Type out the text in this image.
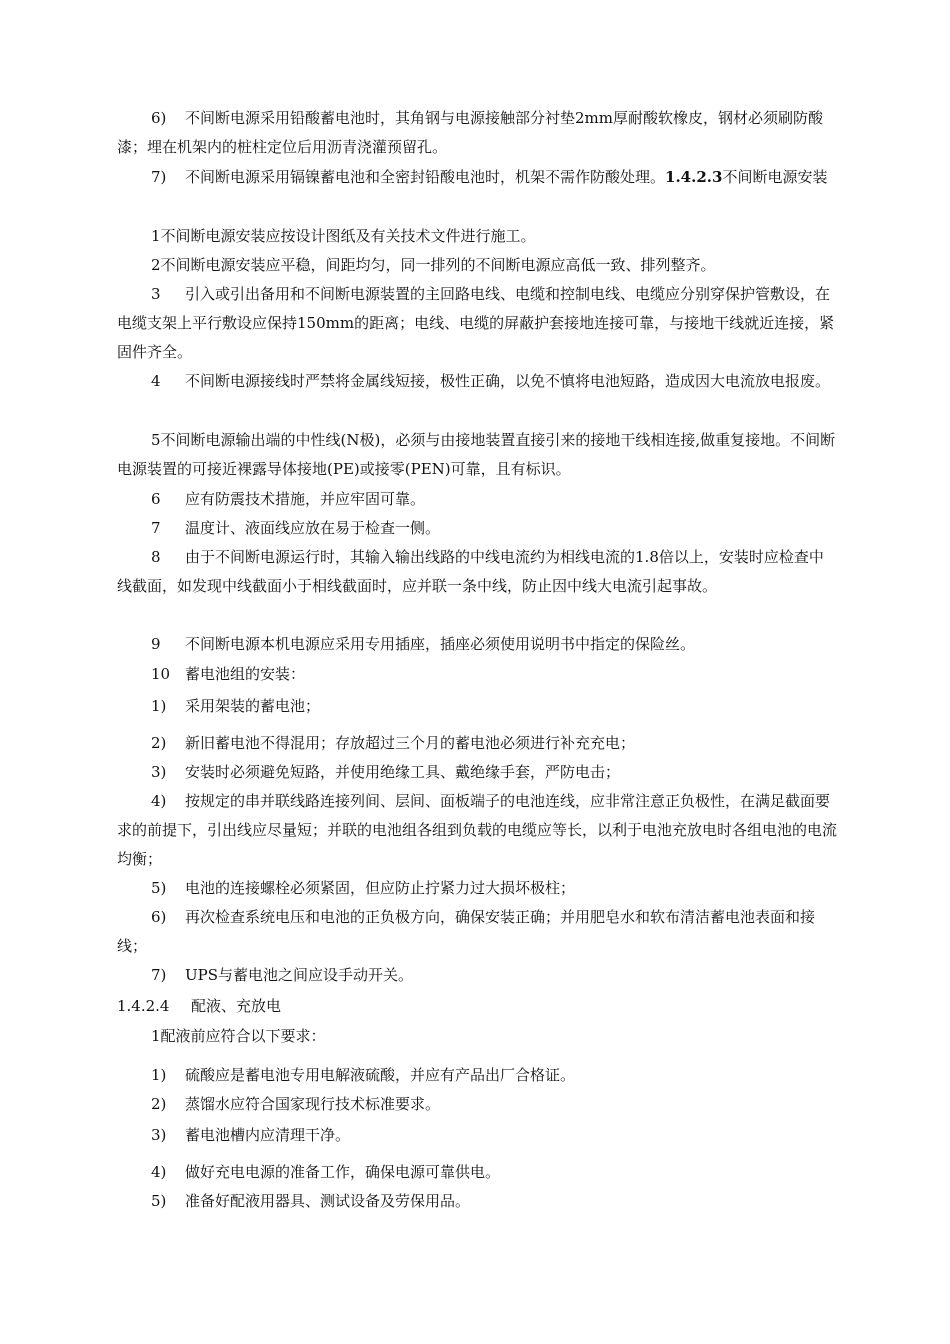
6) 不间断电源采用铅酸蓄电池时，其角钢与电源接触部分衬垫2mm厚耐酸软橡皮，钢材必须刷防酸漆；埋在机架内的桩柱定位后用沥青浇灌预留孔。

7) 不间断电源采用镉镍蓄电池和全密封铅酸电池时，机架不需作防酸处理。1.4.2.3不间断电源安装

1不间断电源安装应按设计图纸及有关技术文件进行施工。

2不间断电源安装应平稳，间距均匀，同一排列的不间断电源应高低一致、排列整齐。

3 引入或引出备用和不间断电源装置的主回路电线、电缆和控制电线、电缆应分别穿保护管敷设，在电缆支架上平行敷设应保持150mm的距离；电线、电缆的屏蔽护套接地连接可靠，与接地干线就近连接，紧固件齐全。

4 不间断电源接线时严禁将金属线短接，极性正确，以免不慎将电池短路，造成因大电流放电报废。

5不间断电源输出端的中性线(N极)，必须与由接地装置直接引来的接地干线相连接,做重复接地。不间断电源装置的可接近裸露导体接地(PE)或接零(PEN)可靠，且有标识。

6 应有防震技术措施，并应牢固可靠。

7 温度计、液面线应放在易于检查一侧。

8 由于不间断电源运行时，其输入输出线路的中线电流约为相线电流的1.8倍以上，安装时应检查中线截面，如发现中线截面小于相线截面时，应并联一条中线，防止因中线大电流引起事故。

9 不间断电源本机电源应采用专用插座，插座必须使用说明书中指定的保险丝。

10 蓄电池组的安装：

1) 采用架装的蓄电池；

2) 新旧蓄电池不得混用；存放超过三个月的蓄电池必须进行补充充电；

3) 安装时必须避免短路，并使用绝缘工具、戴绝缘手套，严防电击；

4) 按规定的串并联线路连接列间、层间、面板端子的电池连线，应非常注意正负极性，在满足截面要求的前提下，引出线应尽量短；并联的电池组各组到负载的电缆应等长，以利于电池充放电时各组电池的电流均衡；

5) 电池的连接螺栓必须紧固，但应防止拧紧力过大损坏极柱；

6) 再次检查系统电压和电池的正负极方向，确保安装正确；并用肥皂水和软布清洁蓄电池表面和接线；

7) UPS与蓄电池之间应设手动开关。

1.4.2.4 配液、充放电

1配液前应符合以下要求：

1) 硫酸应是蓄电池专用电解液硫酸，并应有产品出厂合格证。

2) 蒸馏水应符合国家现行技术标准要求。

3) 蓄电池槽内应清理干净。

4) 做好充电电源的准备工作，确保电源可靠供电。

5) 准备好配液用器具、测试设备及劳保用品。
